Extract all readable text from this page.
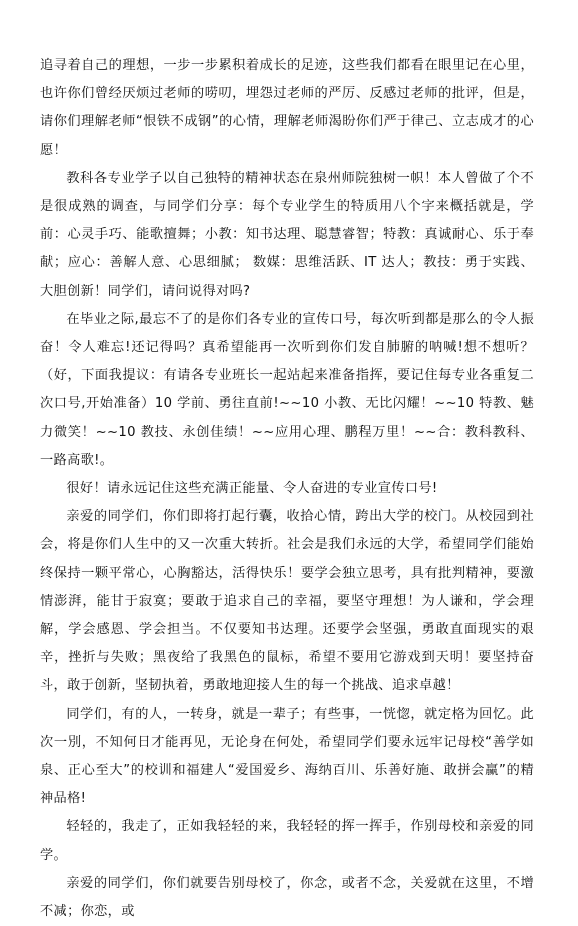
追寻着自己的理想，一步一步累积着成长的足迹，这些我们都看在眼里记在心里，也许你们曾经厌烦过老师的唠叨，埋怨过老师的严厉、反感过老师的批评，但是，请你们理解老师“恨铁不成钢”的心情，理解老师渴盼你们严于律己、立志成才的心愿！

教科各专业学子以自己独特的精神状态在泉州师院独树一帜！本人曾做了个不是很成熟的调查，与同学们分享：每个专业学生的特质用八个字来概括就是，学前：心灵手巧、能歌擅舞；小教：知书达理、聪慧睿智；特教：真诚耐心、乐于奉献；应心：善解人意、心思细腻； 数媒：思维活跃、IT 达人；教技：勇于实践、大胆创新！同学们，请问说得对吗?

在毕业之际,最忘不了的是你们各专业的宣传口号，每次听到都是那么的令人振奋！令人难忘!还记得吗？真希望能再一次听到你们发自肺腑的呐喊!想不想听？（好，下面我提议：有请各专业班长一起站起来准备指挥，要记住每专业各重复二次口号,开始准备）10 学前、勇往直前!~~10 小教、无比闪耀！~~10 特教、魅力微笑！~~10 教技、永创佳绩！~~应用心理、鹏程万里！~~合：教科教科、一路高歌!。

很好！请永远记住这些充满正能量、令人奋进的专业宣传口号!

亲爱的同学们，你们即将打起行囊，收拾心情，跨出大学的校门。从校园到社会，将是你们人生中的又一次重大转折。社会是我们永远的大学，希望同学们能始终保持一颗平常心，心胸豁达，活得快乐！要学会独立思考，具有批判精神，要激情澎湃，能甘于寂寞；要敢于追求自己的幸福，要坚守理想！为人谦和，学会理解，学会感恩、学会担当。不仅要知书达理。还要学会坚强，勇敢直面现实的艰辛，挫折与失败；黑夜给了我黑色的鼠标，希望不要用它游戏到天明！要坚持奋斗，敢于创新，坚韧执着，勇敢地迎接人生的每一个挑战、追求卓越！

同学们，有的人，一转身，就是一辈子；有些事，一恍惚，就定格为回忆。此次一別，不知何日才能再见，无论身在何处，希望同学们要永远牢记母校“善学如泉、正心至大”的校训和福建人“爱国爱乡、海纳百川、乐善好施、敢拼会赢”的精神品格!

轻轻的，我走了，正如我轻轻的来，我轻轻的挥一挥手，作别母校和亲爱的同学。

亲爱的同学们，你们就要告别母校了，你念，或者不念，关爱就在这里，不增不减；你恋，或
